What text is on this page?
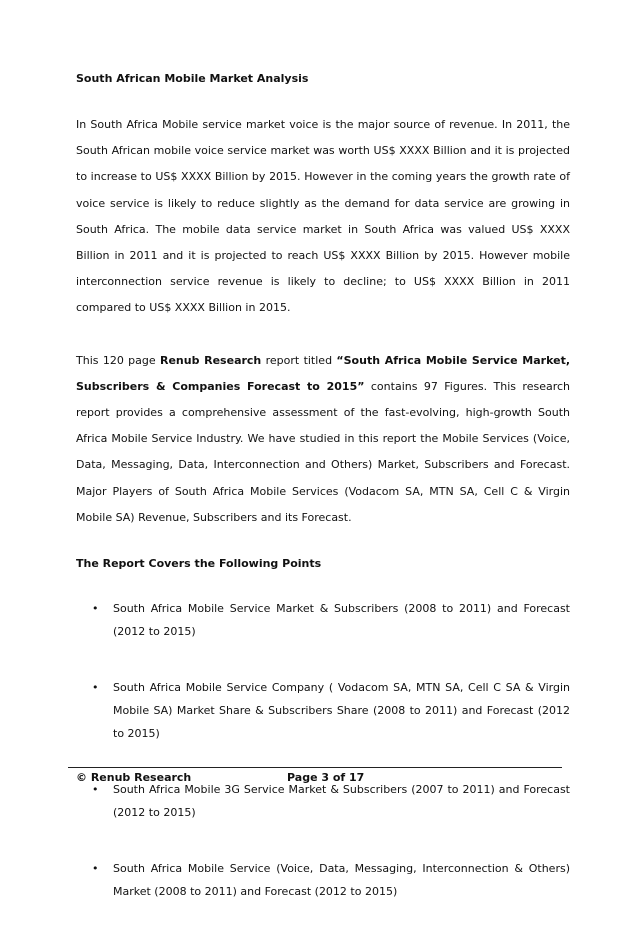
South African Mobile Market Analysis

In South Africa Mobile service market voice is the major source of revenue. In 2011, the South African mobile voice service market was worth US$ XXXX Billion and it is projected to increase to US$ XXXX Billion by 2015. However in the coming years the growth rate of voice service is likely to reduce slightly as the demand for data service are growing in South Africa. The mobile data service market in South Africa was valued US$ XXXX Billion in 2011 and it is projected to reach US$ XXXX Billion by 2015. However mobile interconnection service revenue is likely to decline; to US$ XXXX Billion in 2011 compared to US$ XXXX Billion in 2015.

This 120 page Renub Research report titled “South Africa Mobile Service Market, Subscribers & Companies Forecast to 2015” contains 97 Figures. This research report provides a comprehensive assessment of the fast-evolving, high-growth South Africa Mobile Service Industry. We have studied in this report the Mobile Services (Voice, Data, Messaging, Data, Interconnection and Others) Market, Subscribers and Forecast. Major Players of South Africa Mobile Services (Vodacom SA, MTN SA, Cell C & Virgin Mobile SA) Revenue, Subscribers and its Forecast.

The Report Covers the Following Points

• South Africa Mobile Service Market & Subscribers (2008 to 2011) and Forecast (2012 to 2015)
• South Africa Mobile Service Company ( Vodacom SA, MTN SA, Cell C SA & Virgin Mobile SA) Market Share & Subscribers Share (2008 to 2011) and Forecast (2012 to 2015)
• South Africa Mobile 3G Service Market & Subscribers (2007 to 2011) and Forecast (2012 to 2015)
• South Africa Mobile Service (Voice, Data, Messaging, Interconnection & Others) Market (2008 to 2011) and Forecast (2012 to 2015)
© Renub Research	Page 3 of 17
